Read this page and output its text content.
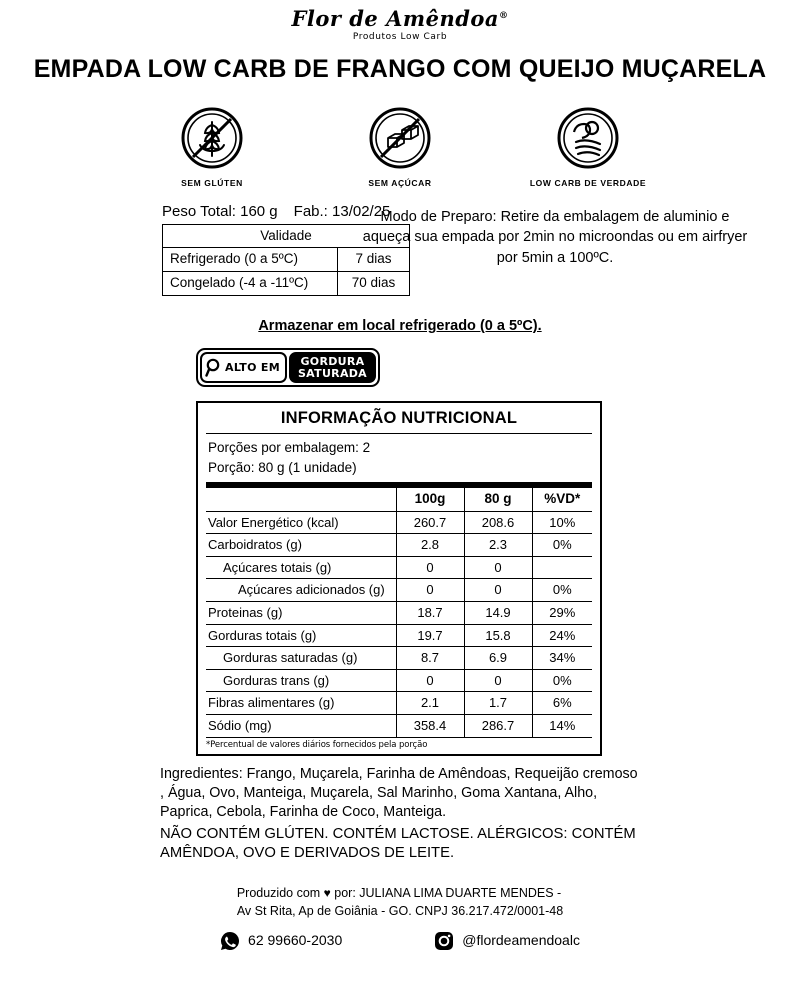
Flor de Amêndoa®
Produtos Low Carb
EMPADA LOW CARB DE FRANGO COM QUEIJO MUÇARELA
SEM GLÚTEN	SEM AÇÚCAR	LOW CARB DE VERDADE
Peso Total: 160 g Fab.: 13/02/25
Validade	
Refrigerado (0 a 5ºC)	7 dias
Congelado (-4 a -11ºC)	70 dias
Modo de Preparo: Retire da embalagem de aluminio e aqueça sua empada por 2min no microondas ou em airfryer por 5min a 100ºC.
Armazenar em local refrigerado (0 a 5ºC).
ALTO EM GORDURA
SATURADA
INFORMAÇÃO NUTRICIONAL
Porções por embalagem: 2
Porção: 80 g (1 unidade)
	100g	80 g	%VD*
Valor Energético (kcal)	260.7	208.6	10%
Carboidratos (g)	2.8	2.3	0%
Açúcares totais (g)	0	0	
Açúcares adicionados (g)	0	0	0%
Proteinas (g)	18.7	14.9	29%
Gorduras totais (g)	19.7	15.8	24%
Gorduras saturadas (g)	8.7	6.9	34%
Gorduras trans (g)	0	0	0%
Fibras alimentares (g)	2.1	1.7	6%
Sódio (mg)	358.4	286.7	14%
*Percentual de valores diários fornecidos pela porção
Ingredientes: Frango, Muçarela, Farinha de Amêndoas, Requeijão cremoso , Água, Ovo, Manteiga, Muçarela, Sal Marinho, Goma Xantana, Alho, Paprica, Cebola, Farinha de Coco, Manteiga.
NÃO CONTÉM GLÚTEN. CONTÉM LACTOSE. ALÉRGICOS: CONTÉM AMÊNDOA, OVO E DERIVADOS DE LEITE.
Produzido com ♥ por: JULIANA LIMA DUARTE MENDES -
Av St Rita, Ap de Goiânia - GO. CNPJ 36.217.472/0001-48
62 99660-2030	@flordeamendoalc
